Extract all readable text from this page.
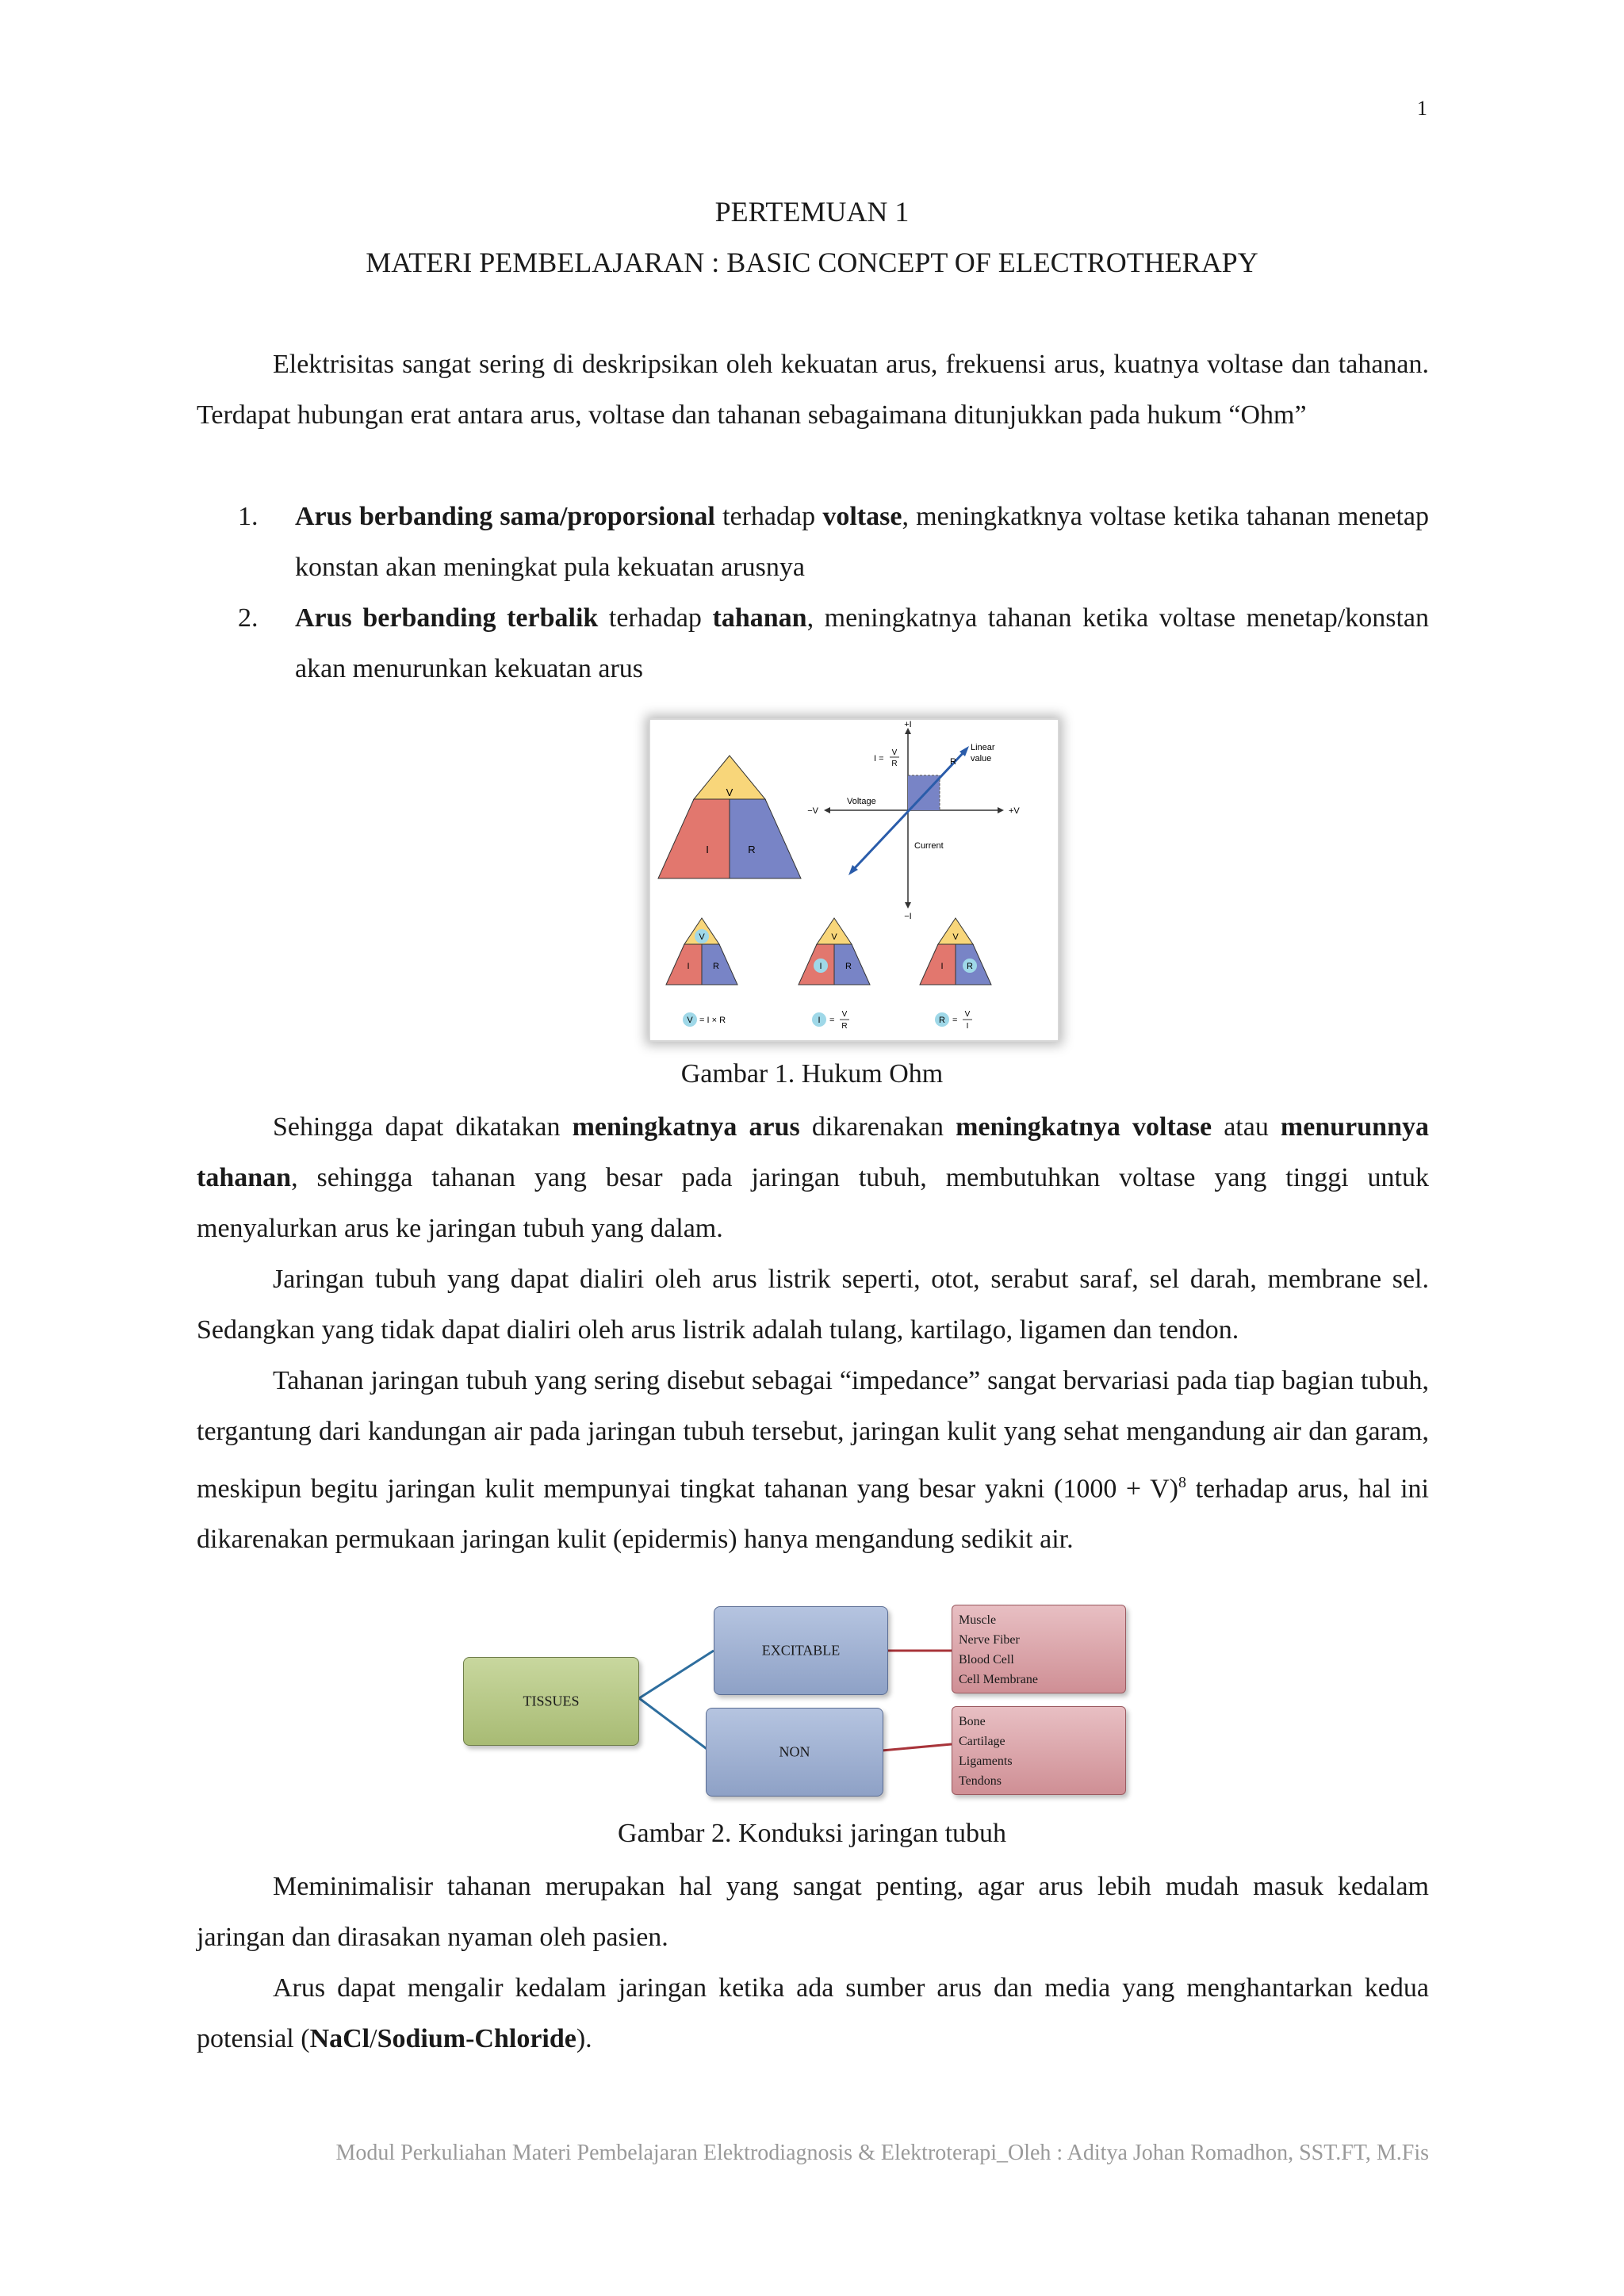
1
PERTEMUAN 1
MATERI PEMBELAJARAN : BASIC CONCEPT OF ELECTROTHERAPY
Elektrisitas sangat sering di deskripsikan oleh kekuatan arus, frekuensi arus, kuatnya voltase dan tahanan. Terdapat hubungan erat antara arus, voltase dan tahanan sebagaimana ditunjukkan pada hukum “Ohm”
1.	Arus berbanding sama/proporsional terhadap voltase, meningkatknya voltase ketika tahanan menetap konstan akan meningkat pula kekuatan arusnya
2.	Arus berbanding terbalik terhadap tahanan, meningkatnya tahanan ketika voltase menetap/konstan akan menurunkan kekuatan arus
V
I	R
+I
−I
+V
−V
Voltage
Current
Linear
value
I =
V
R	R
V
I	R
V
I	R
V
I	R
V = I × R	I =
V
R
R =
V
I
Gambar 1. Hukum Ohm
Sehingga dapat dikatakan meningkatnya arus dikarenakan meningkatnya voltase atau menurunnya tahanan, sehingga tahanan yang besar pada jaringan tubuh, membutuhkan voltase yang tinggi untuk menyalurkan arus ke jaringan tubuh yang dalam.
Jaringan tubuh yang dapat dialiri oleh arus listrik seperti, otot, serabut saraf, sel darah, membrane sel. Sedangkan yang tidak dapat dialiri oleh arus listrik adalah tulang, kartilago, ligamen dan tendon.
Tahanan jaringan tubuh yang sering disebut sebagai “impedance” sangat bervariasi pada tiap bagian tubuh, tergantung dari kandungan air pada jaringan tubuh tersebut, jaringan kulit yang sehat mengandung air dan garam, meskipun begitu jaringan kulit mempunyai tingkat tahanan yang besar yakni $(1000 + V)^8$ terhadap arus, hal ini dikarenakan permukaan jaringan kulit (epidermis) hanya mengandung sedikit air.
TISSUES
EXCITABLE
NON
Muscle
Nerve Fiber
Blood Cell
Cell Membrane
Bone
Cartilage
Ligaments
Tendons
Gambar 2. Konduksi jaringan tubuh
Meminimalisir tahanan merupakan hal yang sangat penting, agar arus lebih mudah masuk kedalam jaringan dan dirasakan nyaman oleh pasien.
Arus dapat mengalir kedalam jaringan ketika ada sumber arus dan media yang menghantarkan kedua potensial (NaCl/Sodium-Chloride).
Modul Perkuliahan Materi Pembelajaran Elektrodiagnosis & Elektroterapi_Oleh : Aditya Johan Romadhon, SST.FT, M.Fis
